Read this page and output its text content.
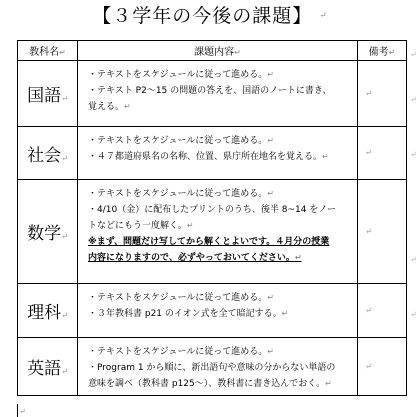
【３学年の今後の課題】 ↵
教科名↵	課題内容↵	備考↵
国語↵	・テキストをスケジュールに従って進める。↵
・テキスト P2～15 の問題の答えを、国語のノートに書き、
覚える。↵	↵
社会↵	・テキストをスケジュールに従って進める。↵
・４７都道府県名の名称、位置、県庁所在地名を覚える。↵	↵
数学↵	・テキストをスケジュールに従って進める。↵
・4/10（金）に配布したプリントのうち、後半 8~14 をノー
トなどにもう一度解く。↵
※まず、問題だけ写してから解くとよいです。４月分の授業
内容になりますので、必ずやっておいてください。↵	↵
理科↵	・テキストをスケジュールに従って進める。↵
・３年教科書 p21 のイオン式を全て暗記する。↵	↵
英語↵	・テキストをスケジュールに従って進める。↵
・Program 1 から順に、新出語句や意味の分からない単語の
意味を調べ（教科書 p125～）、教科書に書き込んでおく。↵	↵
↵
↵
↵
↵
↵
↵
